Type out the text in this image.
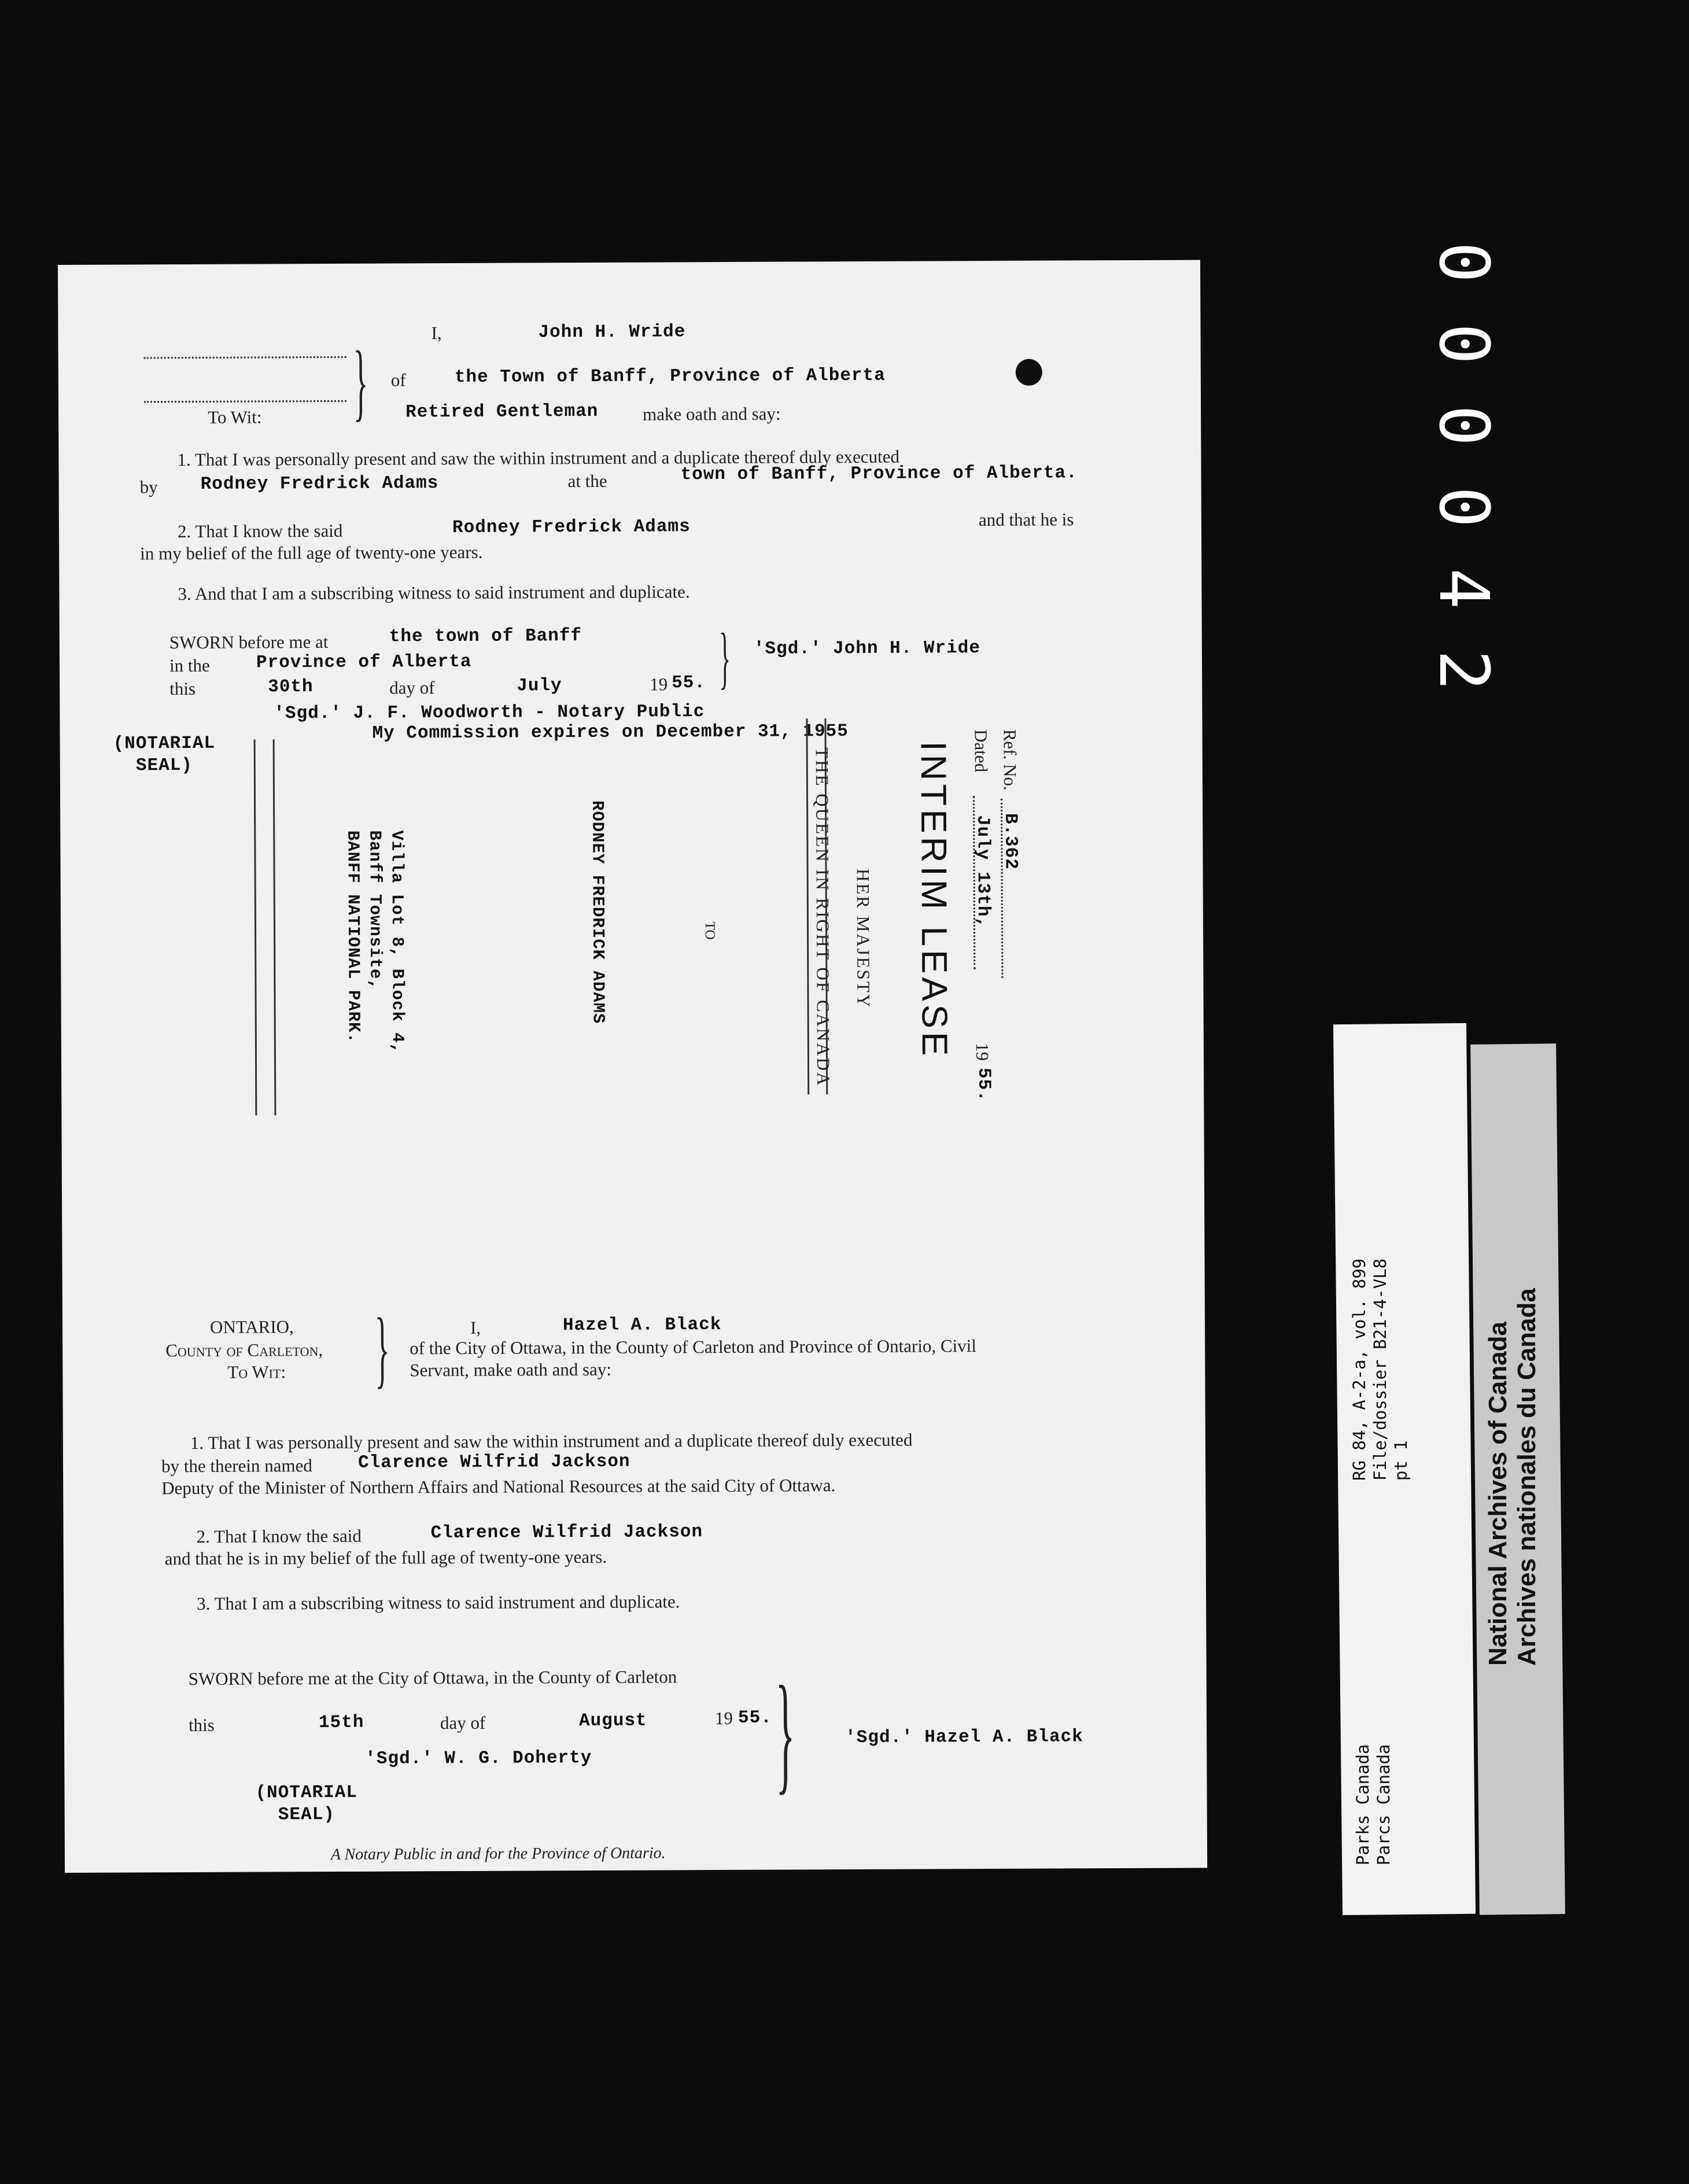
000042
RG 84, A-2-a, vol. 899 File/dossier B21-4-VL8 pt 1
Parks Canada Parcs Canada
National Archives of Canada Archives nationales du Canada
To Wit: }
I,	John H. Wride
of	the Town of Banff, Province of Alberta
Retired Gentleman make oath and say:
1. That I was personally present and saw the within instrument and a duplicate thereof duly executed
by Rodney Fredrick Adams	at the	town of Banff, Province of Alberta.
2. That I know the said	Rodney Fredrick Adams	and that he is
in my belief of the full age of twenty-one years.
3. And that I am a subscribing witness to said instrument and duplicate.
SWORN before me at	the town of Banff
in the	Province of Alberta
this	30th	day of	July	19 55. } 'Sgd.' John H. Wride
'Sgd.' J. F. Woodworth - Notary Public
My Commission expires on December 31, 1955
(NOTARIAL
SEAL)	Ref. No.
B.362
Dated
July 13th,
19
55.
INTERIM LEASE
HER MAJESTY
THE QUEEN IN RIGHT OF CANADA
TO
RODNEY FREDRICK ADAMS
Villa Lot 8, Block 4,
Banff Townsite,
BANFF NATIONAL PARK.
ONTARIO,
County of Carleton,
To Wit: }	I,	Hazel A. Black
of the City of Ottawa, in the County of Carleton and Province of Ontario, Civil
Servant, make oath and say:
1. That I was personally present and saw the within instrument and a duplicate thereof duly executed
by the therein named	Clarence Wilfrid Jackson
Deputy of the Minister of Northern Affairs and National Resources at the said City of Ottawa.
2. That I know the said	Clarence Wilfrid Jackson
and that he is in my belief of the full age of twenty-one years.
3. That I am a subscribing witness to said instrument and duplicate.
SWORN before me at the City of Ottawa, in the County of Carleton
this	15th	day of	August	19 55. }	'Sgd.' Hazel A. Black
'Sgd.' W. G. Doherty
(NOTARIAL
SEAL)
A Notary Public in and for the Province of Ontario.
